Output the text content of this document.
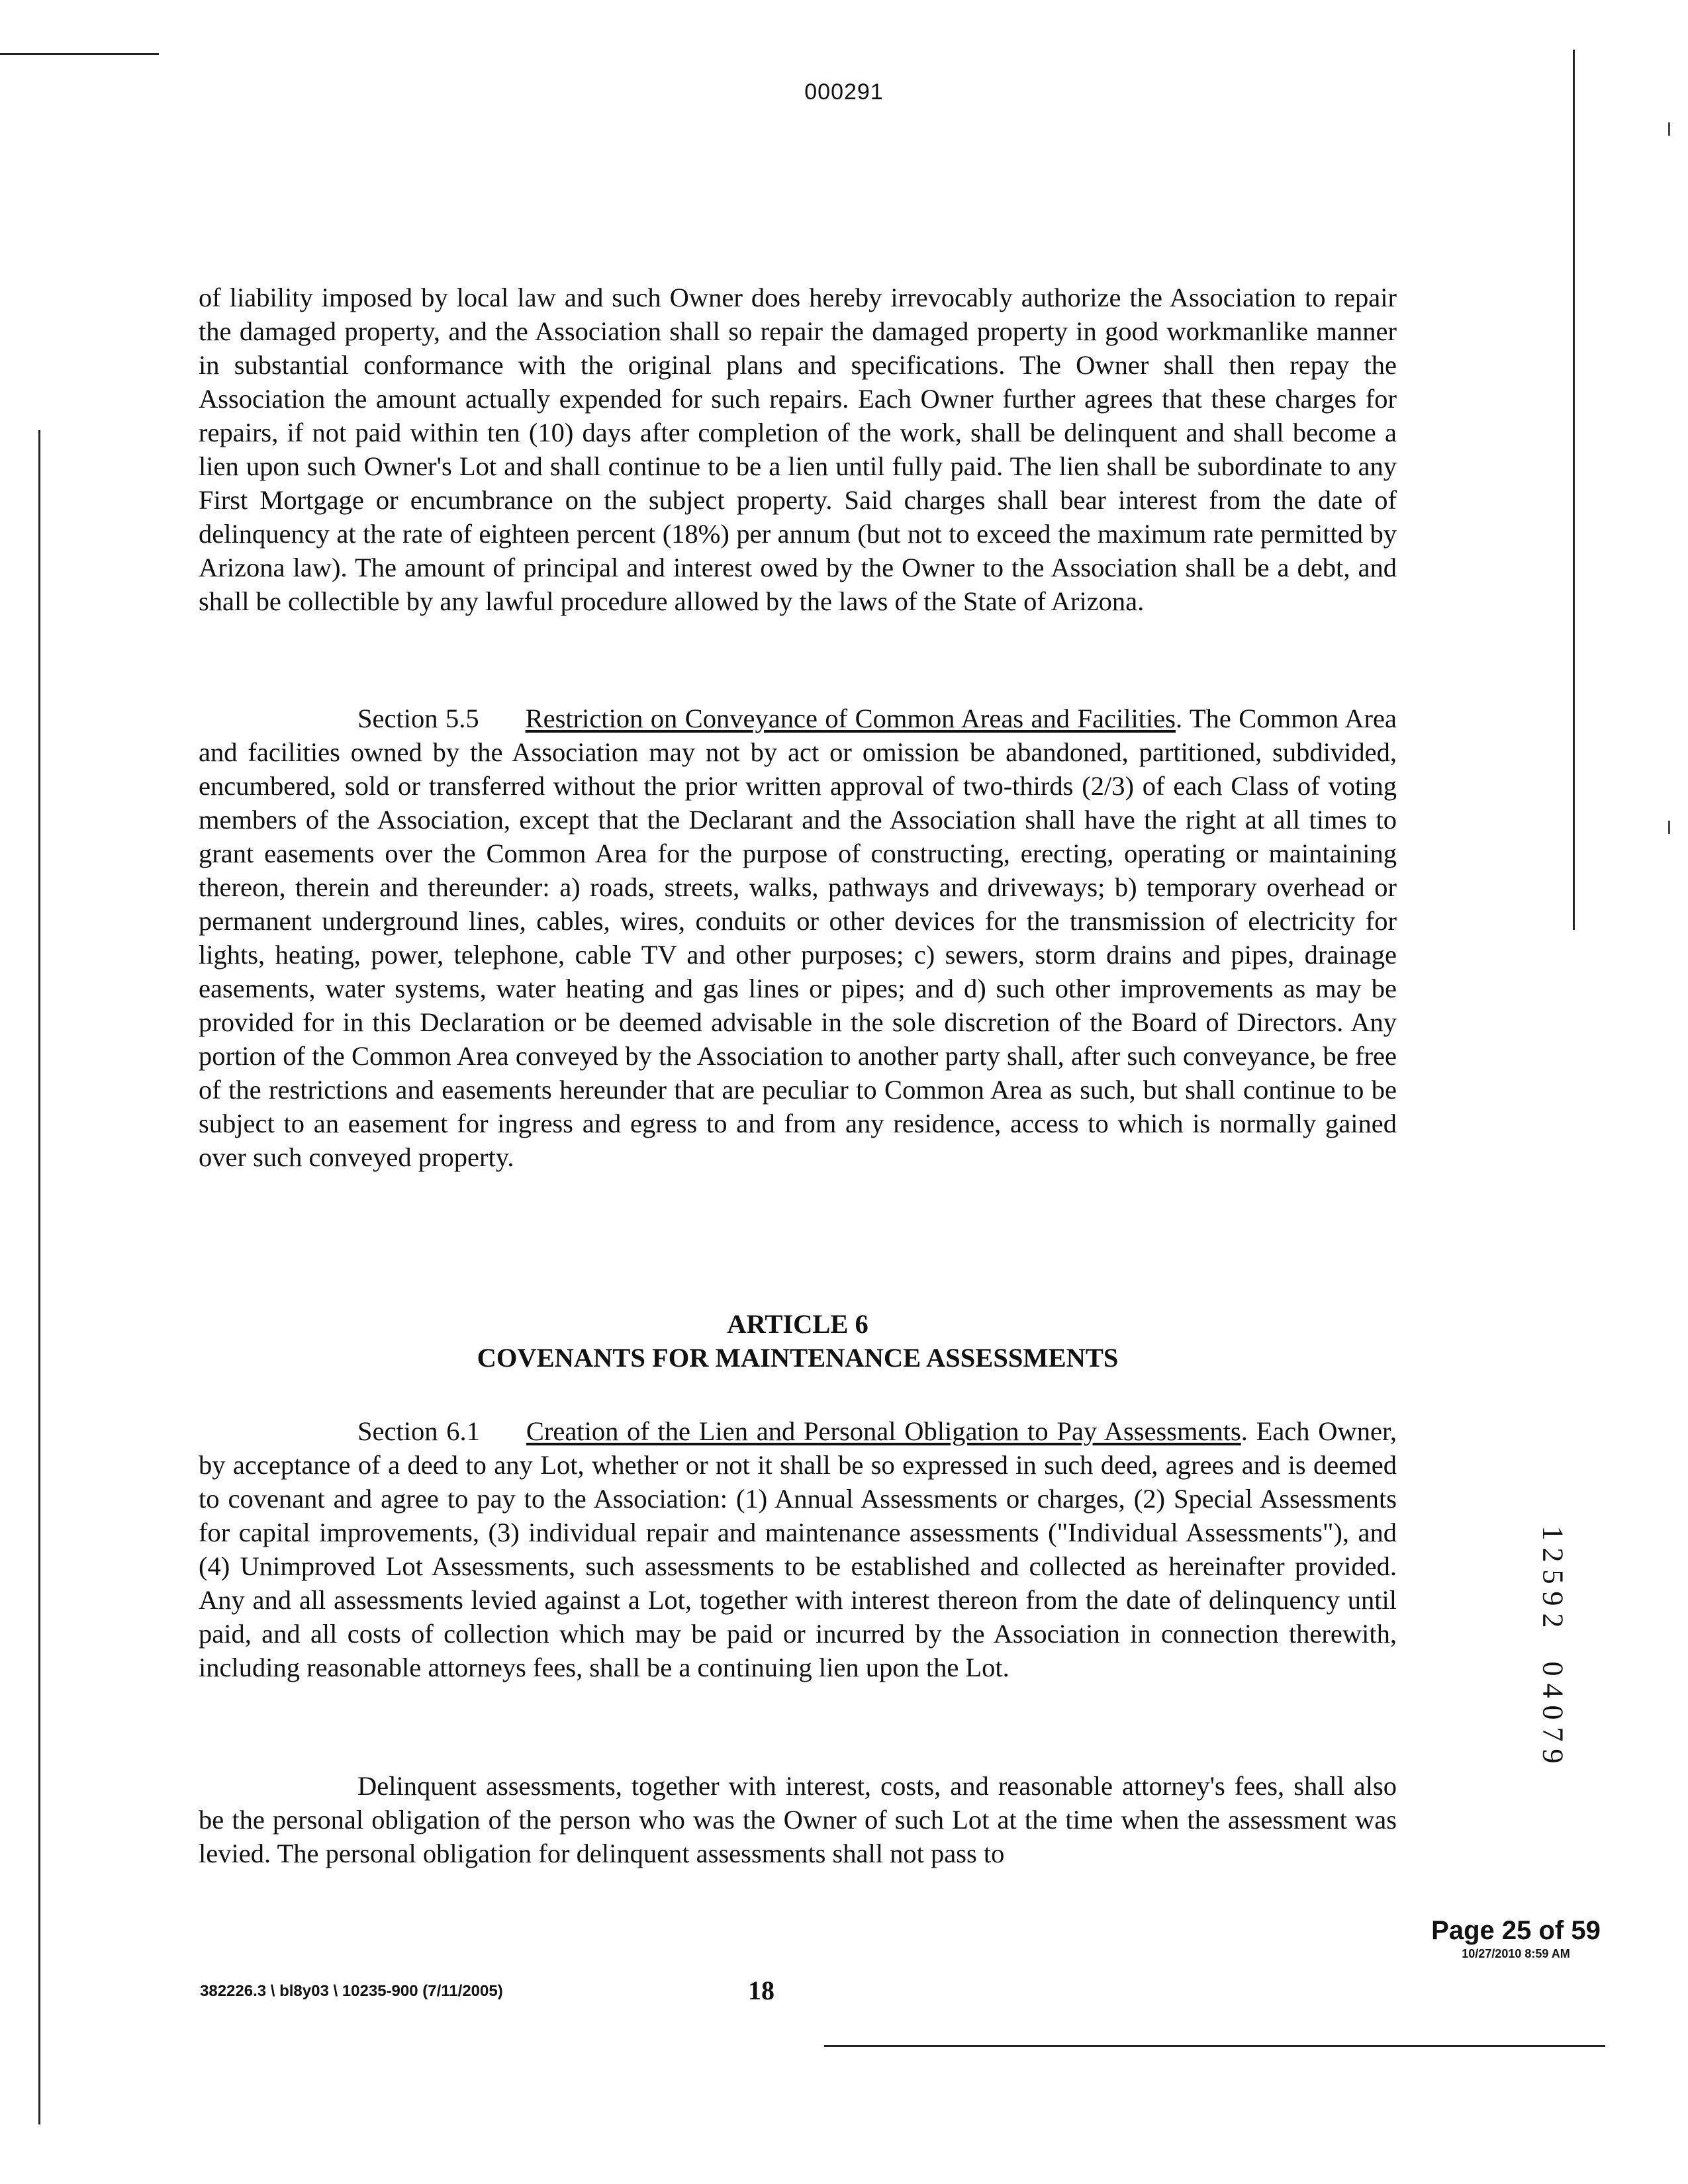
000291

of liability imposed by local law and such Owner does hereby irrevocably authorize the Association to repair the damaged property, and the Association shall so repair the damaged property in good workmanlike manner in substantial conformance with the original plans and specifications. The Owner shall then repay the Association the amount actually expended for such repairs. Each Owner further agrees that these charges for repairs, if not paid within ten (10) days after completion of the work, shall be delinquent and shall become a lien upon such Owner's Lot and shall continue to be a lien until fully paid. The lien shall be subordinate to any First Mortgage or encumbrance on the subject property. Said charges shall bear interest from the date of delinquency at the rate of eighteen percent (18%) per annum (but not to exceed the maximum rate permitted by Arizona law). The amount of principal and interest owed by the Owner to the Association shall be a debt, and shall be collectible by any lawful procedure allowed by the laws of the State of Arizona.

Section 5.5 Restriction on Conveyance of Common Areas and Facilities. The Common Area and facilities owned by the Association may not by act or omission be abandoned, partitioned, subdivided, encumbered, sold or transferred without the prior written approval of two-thirds (2/3) of each Class of voting members of the Association, except that the Declarant and the Association shall have the right at all times to grant easements over the Common Area for the purpose of constructing, erecting, operating or maintaining thereon, therein and thereunder: a) roads, streets, walks, pathways and driveways; b) temporary overhead or permanent underground lines, cables, wires, conduits or other devices for the transmission of electricity for lights, heating, power, telephone, cable TV and other purposes; c) sewers, storm drains and pipes, drainage easements, water systems, water heating and gas lines or pipes; and d) such other improvements as may be provided for in this Declaration or be deemed advisable in the sole discretion of the Board of Directors. Any portion of the Common Area conveyed by the Association to another party shall, after such conveyance, be free of the restrictions and easements hereunder that are peculiar to Common Area as such, but shall continue to be subject to an easement for ingress and egress to and from any residence, access to which is normally gained over such conveyed property.

ARTICLE 6
COVENANTS FOR MAINTENANCE ASSESSMENTS

Section 6.1 Creation of the Lien and Personal Obligation to Pay Assessments. Each Owner, by acceptance of a deed to any Lot, whether or not it shall be so expressed in such deed, agrees and is deemed to covenant and agree to pay to the Association: (1) Annual Assessments or charges, (2) Special Assessments for capital improvements, (3) individual repair and maintenance assessments ("Individual Assessments"), and (4) Unimproved Lot Assessments, such assessments to be established and collected as hereinafter provided. Any and all assessments levied against a Lot, together with interest thereon from the date of delinquency until paid, and all costs of collection which may be paid or incurred by the Association in connection therewith, including reasonable attorneys fees, shall be a continuing lien upon the Lot.

Delinquent assessments, together with interest, costs, and reasonable attorney's fees, shall also be the personal obligation of the person who was the Owner of such Lot at the time when the assessment was levied. The personal obligation for delinquent assessments shall not pass to

1
2
5
9
2
0
4
0
7
9
Page 25 of 59
10/27/2010 8:59 AM
382226.3 \ bl8y03 \ 10235-900 (7/11/2005)	18
